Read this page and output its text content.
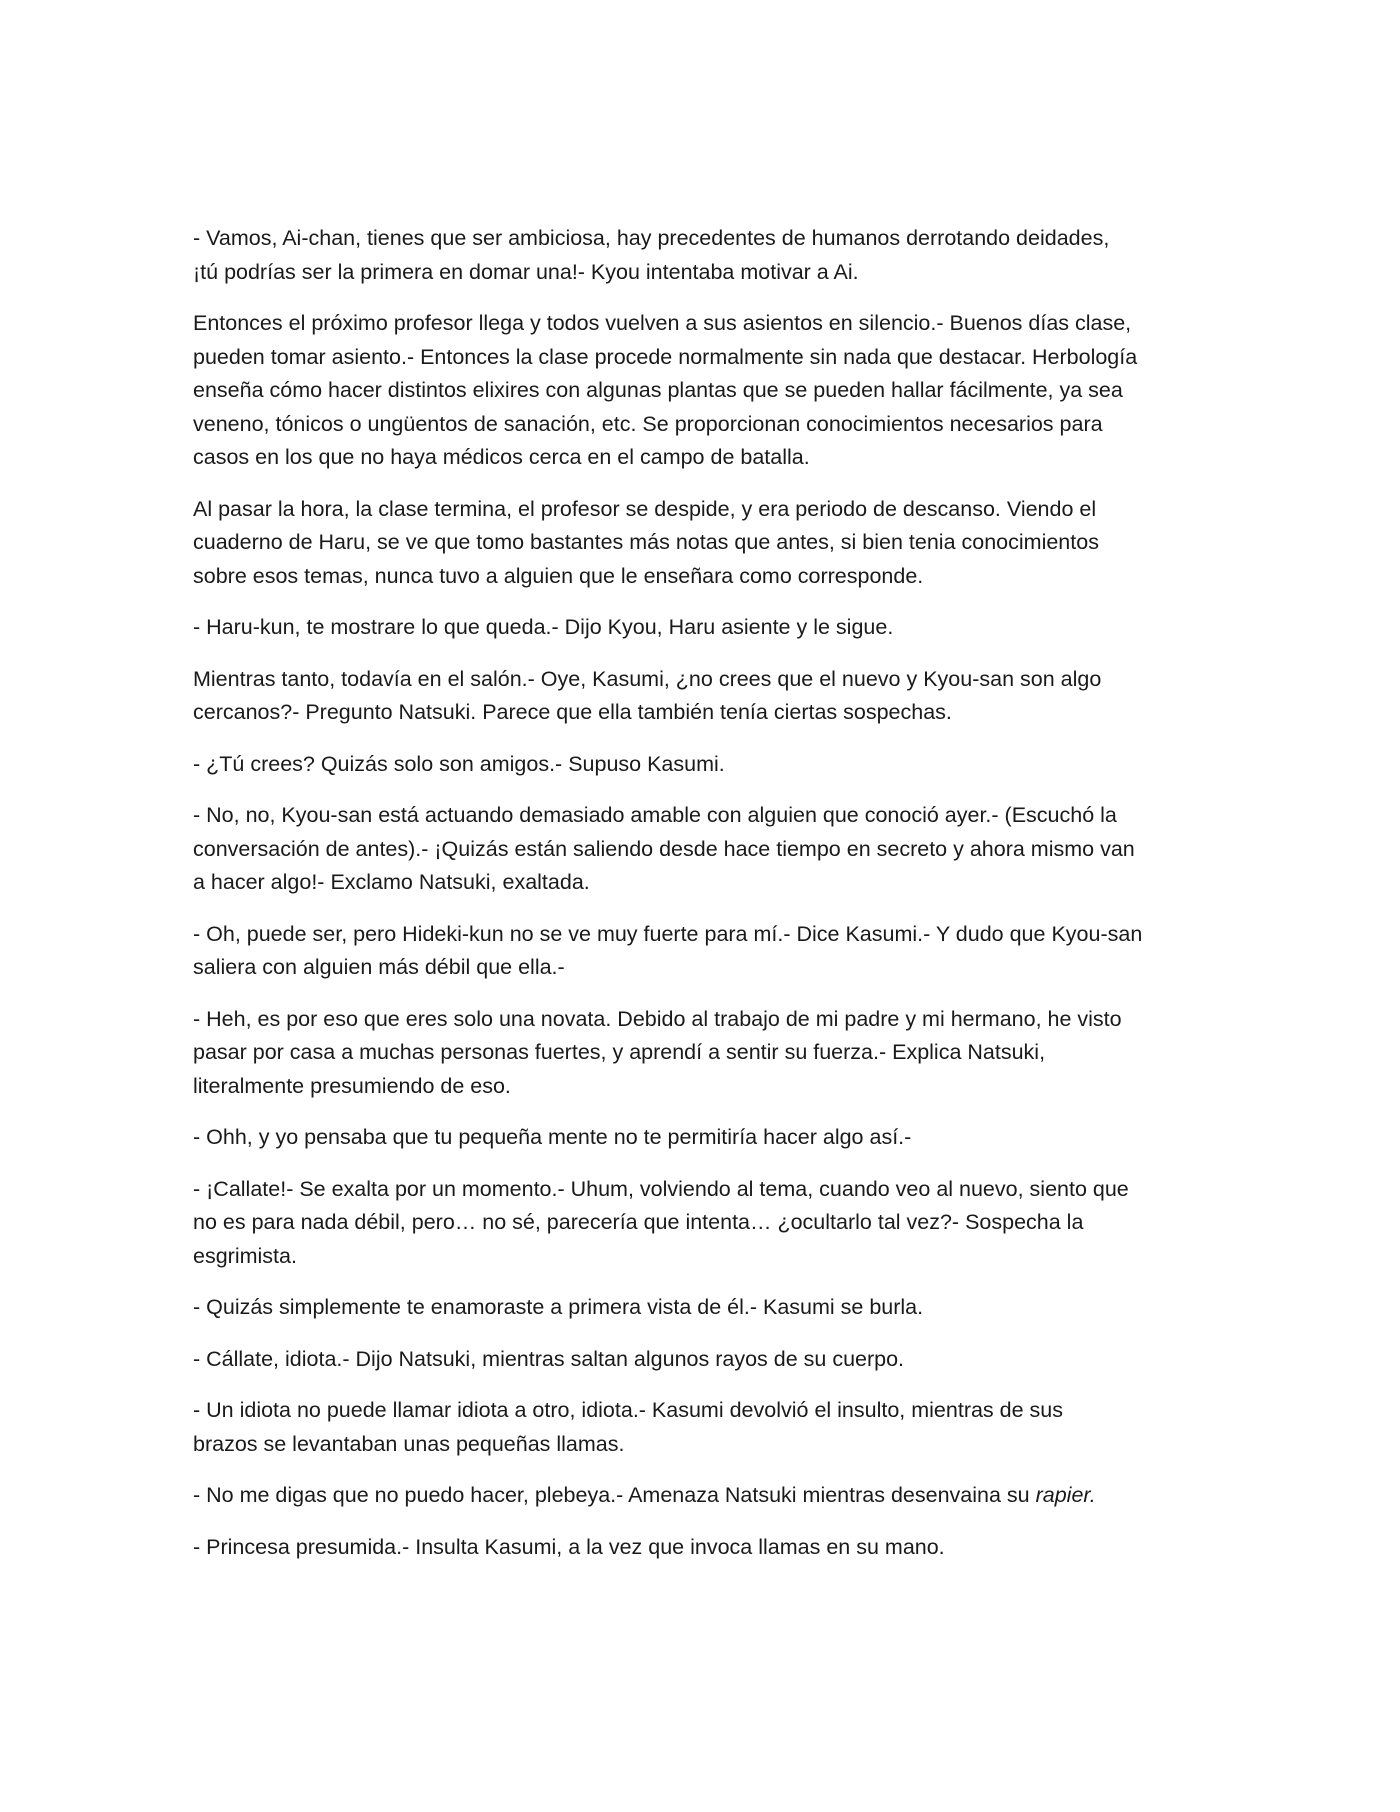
- Vamos, Ai-chan, tienes que ser ambiciosa, hay precedentes de humanos derrotando deidades,
¡tú podrías ser la primera en domar una!- Kyou intentaba motivar a Ai.

Entonces el próximo profesor llega y todos vuelven a sus asientos en silencio.- Buenos días clase,
pueden tomar asiento.- Entonces la clase procede normalmente sin nada que destacar. Herbología
enseña cómo hacer distintos elixires con algunas plantas que se pueden hallar fácilmente, ya sea
veneno, tónicos o ungüentos de sanación, etc. Se proporcionan conocimientos necesarios para
casos en los que no haya médicos cerca en el campo de batalla.

Al pasar la hora, la clase termina, el profesor se despide, y era periodo de descanso. Viendo el
cuaderno de Haru, se ve que tomo bastantes más notas que antes, si bien tenia conocimientos
sobre esos temas, nunca tuvo a alguien que le enseñara como corresponde.

- Haru-kun, te mostrare lo que queda.- Dijo Kyou, Haru asiente y le sigue.

Mientras tanto, todavía en el salón.- Oye, Kasumi, ¿no crees que el nuevo y Kyou-san son algo
cercanos?- Pregunto Natsuki. Parece que ella también tenía ciertas sospechas.

- ¿Tú crees? Quizás solo son amigos.- Supuso Kasumi.

- No, no, Kyou-san está actuando demasiado amable con alguien que conoció ayer.- (Escuchó la
conversación de antes).- ¡Quizás están saliendo desde hace tiempo en secreto y ahora mismo van
a hacer algo!- Exclamo Natsuki, exaltada.

- Oh, puede ser, pero Hideki-kun no se ve muy fuerte para mí.- Dice Kasumi.- Y dudo que Kyou-san
saliera con alguien más débil que ella.-

- Heh, es por eso que eres solo una novata. Debido al trabajo de mi padre y mi hermano, he visto
pasar por casa a muchas personas fuertes, y aprendí a sentir su fuerza.- Explica Natsuki,
literalmente presumiendo de eso.

- Ohh, y yo pensaba que tu pequeña mente no te permitiría hacer algo así.-

- ¡Callate!- Se exalta por un momento.- Uhum, volviendo al tema, cuando veo al nuevo, siento que
no es para nada débil, pero… no sé, parecería que intenta… ¿ocultarlo tal vez?- Sospecha la
esgrimista.

- Quizás simplemente te enamoraste a primera vista de él.- Kasumi se burla.

- Cállate, idiota.- Dijo Natsuki, mientras saltan algunos rayos de su cuerpo.

- Un idiota no puede llamar idiota a otro, idiota.- Kasumi devolvió el insulto, mientras de sus
brazos se levantaban unas pequeñas llamas.

- No me digas que no puedo hacer, plebeya.- Amenaza Natsuki mientras desenvaina su rapier.

- Princesa presumida.- Insulta Kasumi, a la vez que invoca llamas en su mano.
